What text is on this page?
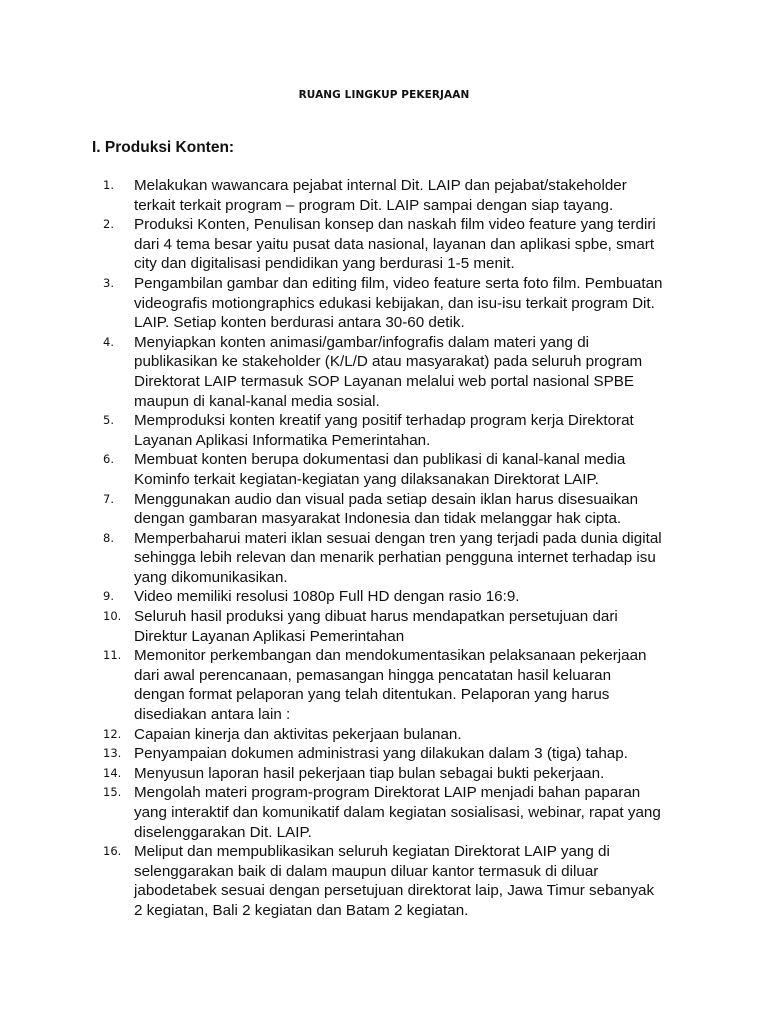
RUANG LINGKUP PEKERJAAN
I. Produksi Konten:
1. Melakukan wawancara pejabat internal Dit. LAIP dan pejabat/stakeholder
terkait terkait program – program Dit. LAIP sampai dengan siap tayang.
2. Produksi Konten, Penulisan konsep dan naskah film video feature yang terdiri
dari 4 tema besar yaitu pusat data nasional, layanan dan aplikasi spbe, smart
city dan digitalisasi pendidikan yang berdurasi 1-5 menit.
3. Pengambilan gambar dan editing film, video feature serta foto film. Pembuatan
videografis motiongraphics edukasi kebijakan, dan isu-isu terkait program Dit.
LAIP. Setiap konten berdurasi antara 30-60 detik.
4. Menyiapkan konten animasi/gambar/infografis dalam materi yang di
publikasikan ke stakeholder (K/L/D atau masyarakat) pada seluruh program
Direktorat LAIP termasuk SOP Layanan melalui web portal nasional SPBE
maupun di kanal-kanal media sosial.
5. Memproduksi konten kreatif yang positif terhadap program kerja Direktorat
Layanan Aplikasi Informatika Pemerintahan.
6. Membuat konten berupa dokumentasi dan publikasi di kanal-kanal media
Kominfo terkait kegiatan-kegiatan yang dilaksanakan Direktorat LAIP.
7. Menggunakan audio dan visual pada setiap desain iklan harus disesuaikan
dengan gambaran masyarakat Indonesia dan tidak melanggar hak cipta.
8. Memperbaharui materi iklan sesuai dengan tren yang terjadi pada dunia digital
sehingga lebih relevan dan menarik perhatian pengguna internet terhadap isu
yang dikomunikasikan.
9. Video memiliki resolusi 1080p Full HD dengan rasio 16:9.
10. Seluruh hasil produksi yang dibuat harus mendapatkan persetujuan dari
Direktur Layanan Aplikasi Pemerintahan
11. Memonitor perkembangan dan mendokumentasikan pelaksanaan pekerjaan
dari awal perencanaan, pemasangan hingga pencatatan hasil keluaran
dengan format pelaporan yang telah ditentukan. Pelaporan yang harus
disediakan antara lain :
12. Capaian kinerja dan aktivitas pekerjaan bulanan.
13. Penyampaian dokumen administrasi yang dilakukan dalam 3 (tiga) tahap.
14. Menyusun laporan hasil pekerjaan tiap bulan sebagai bukti pekerjaan.
15. Mengolah materi program-program Direktorat LAIP menjadi bahan paparan
yang interaktif dan komunikatif dalam kegiatan sosialisasi, webinar, rapat yang
diselenggarakan Dit. LAIP.
16. Meliput dan mempublikasikan seluruh kegiatan Direktorat LAIP yang di
selenggarakan baik di dalam maupun diluar kantor termasuk di diluar
jabodetabek sesuai dengan persetujuan direktorat laip, Jawa Timur sebanyak
2 kegiatan, Bali 2 kegiatan dan Batam 2 kegiatan.
